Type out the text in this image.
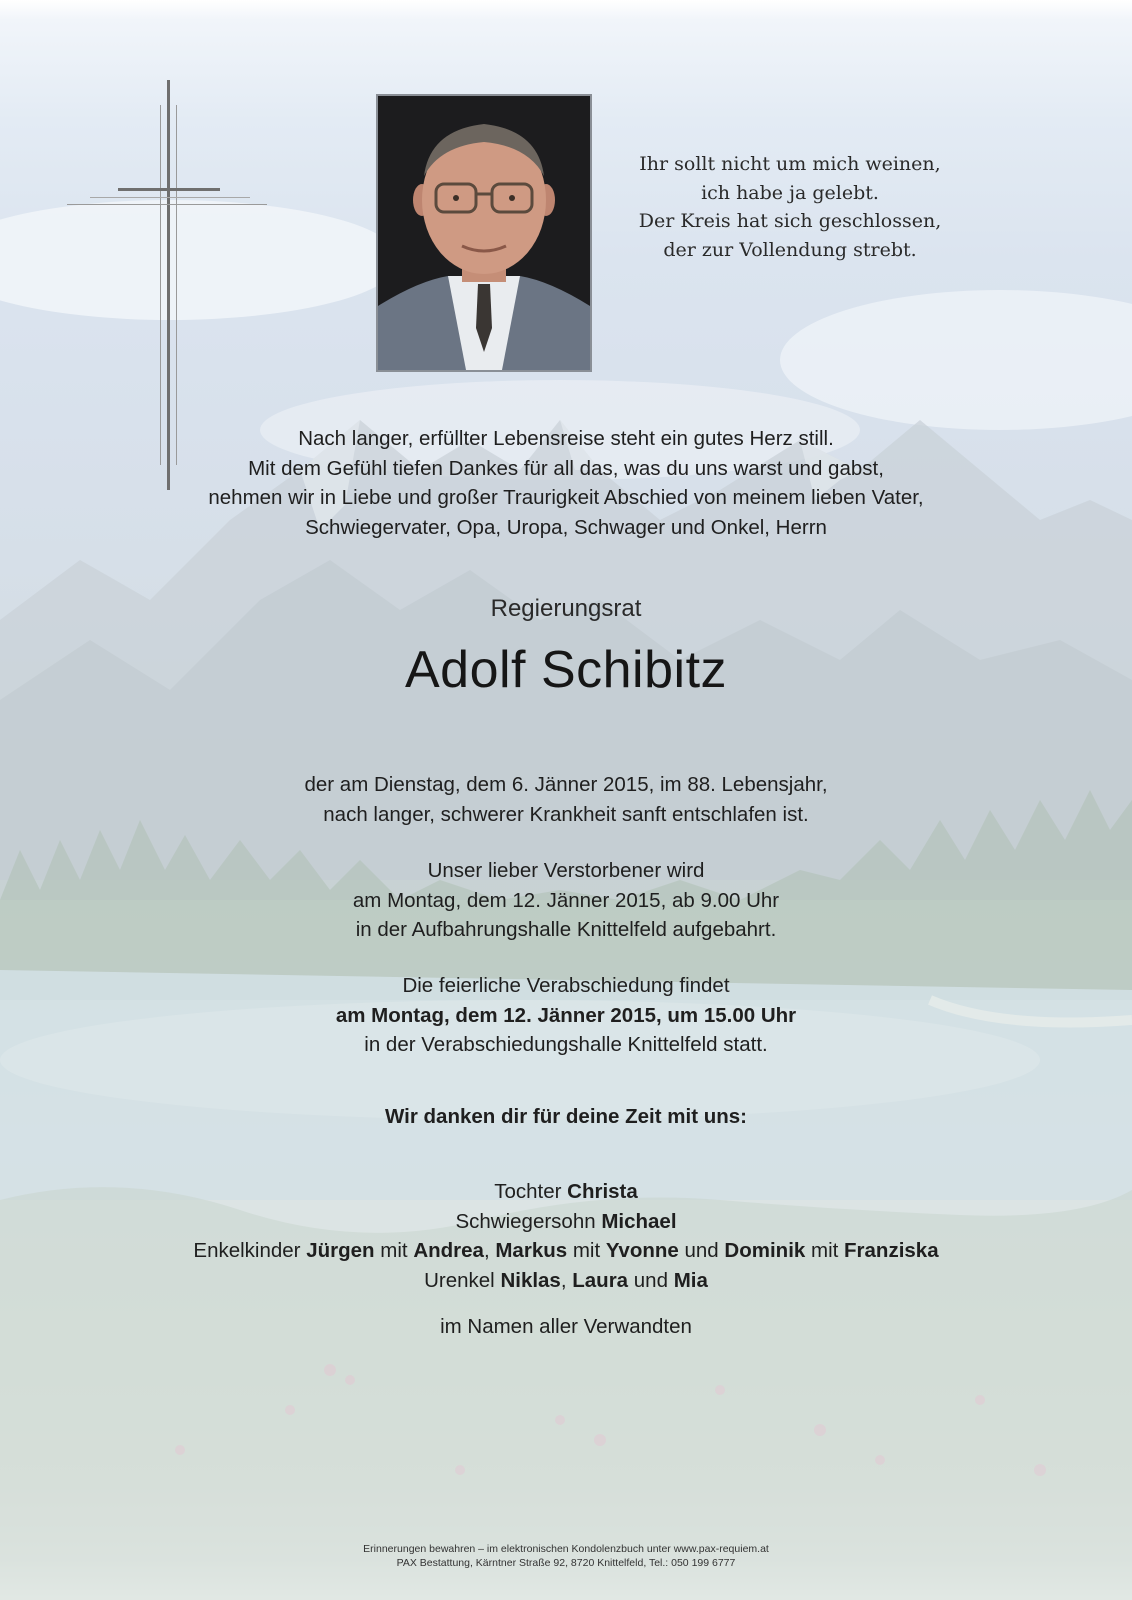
Ihr sollt nicht um mich weinen,
ich habe ja gelebt.
Der Kreis hat sich geschlossen,
der zur Vollendung strebt.
Nach langer, erfüllter Lebensreise steht ein gutes Herz still.
Mit dem Gefühl tiefen Dankes für all das, was du uns warst und gabst,
nehmen wir in Liebe und großer Traurigkeit Abschied von meinem lieben Vater,
Schwiegervater, Opa, Uropa, Schwager und Onkel, Herrn
Regierungsrat
Adolf Schibitz
der am Dienstag, dem 6. Jänner 2015, im 88. Lebensjahr,
nach langer, schwerer Krankheit sanft entschlafen ist.
Unser lieber Verstorbener wird
am Montag, dem 12. Jänner 2015, ab 9.00 Uhr
in der Aufbahrungshalle Knittelfeld aufgebahrt.
Die feierliche Verabschiedung findet
am Montag, dem 12. Jänner 2015, um 15.00 Uhr
in der Verabschiedungshalle Knittelfeld statt.
Wir danken dir für deine Zeit mit uns:
Tochter Christa
Schwiegersohn Michael
Enkelkinder Jürgen mit Andrea, Markus mit Yvonne und Dominik mit Franziska
Urenkel Niklas, Laura und Mia
im Namen aller Verwandten
Erinnerungen bewahren – im elektronischen Kondolenzbuch unter www.pax-requiem.at
PAX Bestattung, Kärntner Straße 92, 8720 Knittelfeld, Tel.: 050 199 6777
